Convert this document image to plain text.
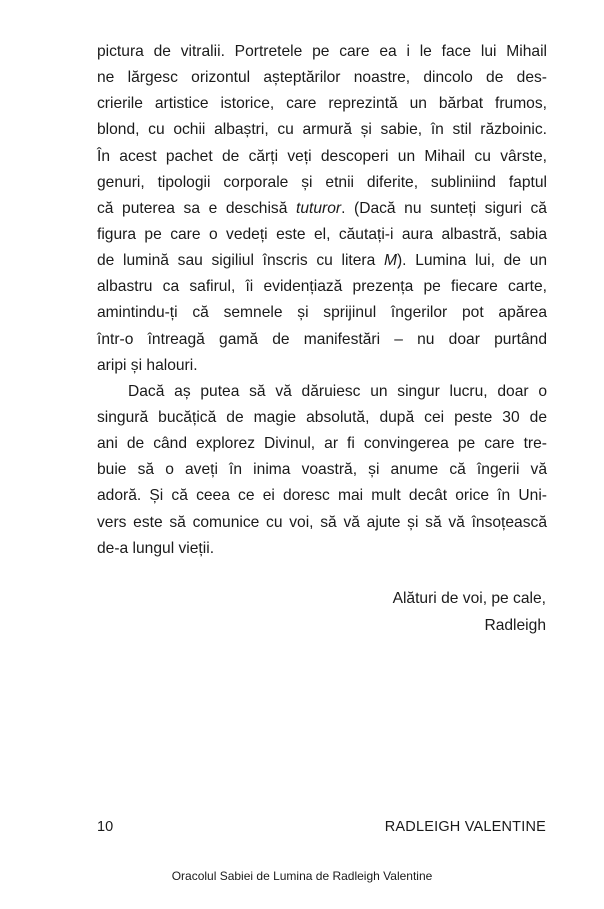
pictura de vitralii. Portretele pe care ea i le face lui Mihail
ne lărgesc orizontul așteptărilor noastre, dincolo de des-
crierile artistice istorice, care reprezintă un bărbat frumos,
blond, cu ochii albaștri, cu armură și sabie, în stil războinic.
În acest pachet de cărți veți descoperi un Mihail cu vârste,
genuri, tipologii corporale și etnii diferite, subliniind faptul
că puterea sa e deschisă tuturor. (Dacă nu sunteți siguri că
figura pe care o vedeți este el, căutați-i aura albastră, sabia
de lumină sau sigiliul înscris cu litera M). Lumina lui, de un
albastru ca safirul, îi evidențiază prezența pe fiecare carte,
amintindu-ți că semnele și sprijinul îngerilor pot apărea
într-o întreagă gamă de manifestări – nu doar purtând
aripi și halouri.
Dacă aș putea să vă dăruiesc un singur lucru, doar o
singură bucățică de magie absolută, după cei peste 30 de
ani de când explorez Divinul, ar fi convingerea pe care tre-
buie să o aveți în inima voastră, și anume că îngerii vă
adoră. Și că ceea ce ei doresc mai mult decât orice în Uni-
vers este să comunice cu voi, să vă ajute și să vă însoțească
de-a lungul vieții.
Alături de voi, pe cale,
Radleigh
10	RADLEIGH VALENTINE
Oracolul Sabiei de Lumina de Radleigh Valentine
